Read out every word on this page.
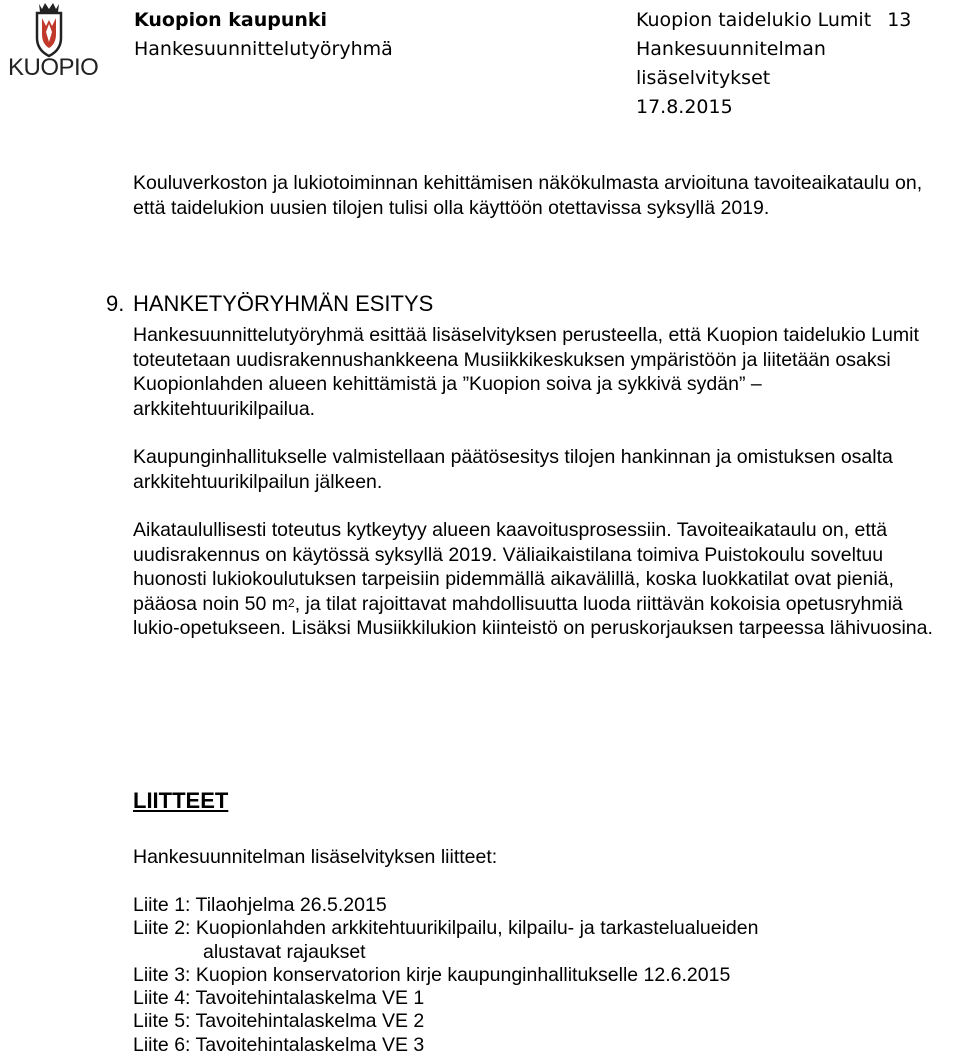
KUOPIO
Kuopion kaupunki
Hankesuunnittelutyöryhmä
Kuopion taidelukio Lumit 13
Hankesuunnitelman
lisäselvitykset
17.8.2015

Kouluverkoston ja lukiotoiminnan kehittämisen näkökulmasta arvioituna tavoiteaikataulu on, että taidelukion uusien tilojen tulisi olla käyttöön otettavissa syksyllä 2019.

9. HANKETYÖRYHMÄN ESITYS

Hankesuunnittelutyöryhmä esittää lisäselvityksen perusteella, että Kuopion taidelukio Lumit toteutetaan uudisrakennushankkeena Musiikkikeskuksen ympäristöön ja liitetään osaksi Kuopionlahden alueen kehittämistä ja ”Kuopion soiva ja sykkivä sydän” – arkkitehtuurikilpailua.

Kaupunginhallitukselle valmistellaan päätösesitys tilojen hankinnan ja omistuksen osalta arkkitehtuurikilpailun jälkeen.

Aikataulullisesti toteutus kytkeytyy alueen kaavoitusprosessiin. Tavoiteaikataulu on, että uudisrakennus on käytössä syksyllä 2019. Väliaikaistilana toimiva Puistokoulu soveltuu huonosti lukiokoulutuksen tarpeisiin pidemmällä aikavälillä, koska luokkatilat ovat pieniä, pääosa noin 50 $m^2$, ja tilat rajoittavat mahdollisuutta luoda riittävän kokoisia opetusryhmiä lukio-opetukseen. Lisäksi Musiikkilukion kiinteistö on peruskorjauksen tarpeessa lähivuosina.

LIITTEET

Hankesuunnitelman lisäselvityksen liitteet:

Liite 1: Tilaohjelma 26.5.2015
Liite 2: Kuopionlahden arkkitehtuurikilpailu, kilpailu- ja tarkastelualueiden
alustavat rajaukset
Liite 3: Kuopion konservatorion kirje kaupunginhallitukselle 12.6.2015
Liite 4: Tavoitehintalaskelma VE 1
Liite 5: Tavoitehintalaskelma VE 2
Liite 6: Tavoitehintalaskelma VE 3
